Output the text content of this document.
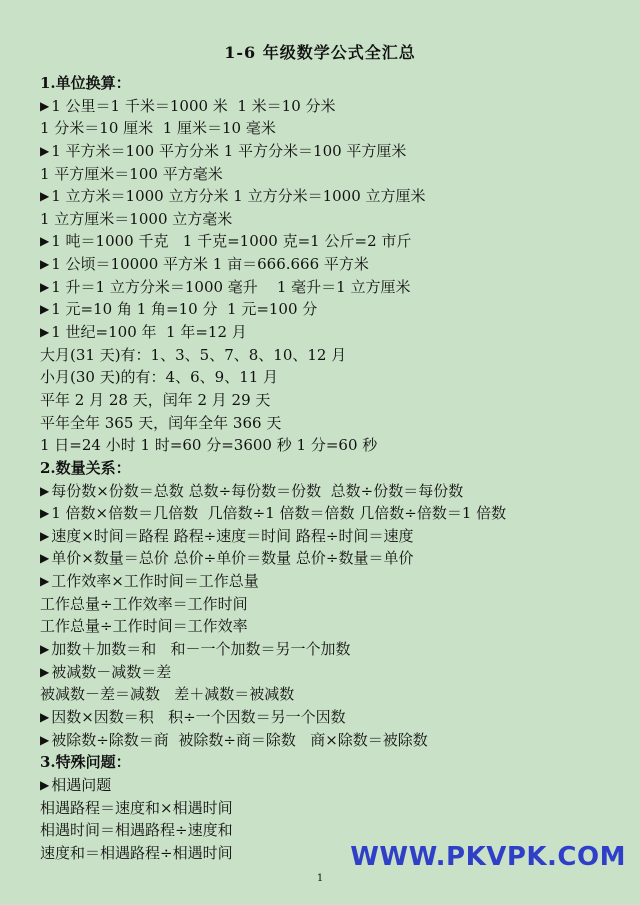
1-6 年级数学公式全汇总
1.单位换算：
▶ 1 公里＝1 千米＝1000 米  1 米＝10 分米
1 分米＝10 厘米  1 厘米＝10 毫米
▶ 1 平方米＝100 平方分米 1 平方分米＝100 平方厘米
1 平方厘米＝100 平方毫米
▶ 1 立方米＝1000 立方分米 1 立方分米＝1000 立方厘米
1 立方厘米＝1000 立方毫米
▶ 1 吨＝1000 千克   1 千克=1000 克=1 公斤=2 市斤
▶ 1 公顷＝10000 平方米 1 亩＝666.666 平方米
▶ 1 升＝1 立方分米＝1000 毫升    1 毫升＝1 立方厘米
▶ 1 元=10 角 1 角=10 分  1 元=100 分
▶ 1 世纪=100 年  1 年=12 月
大月(31 天)有：1、3、5、7、8、10、12 月
小月(30 天)的有：4、6、9、11 月
平年 2 月 28 天，闰年 2 月 29 天
平年全年 365 天，闰年全年 366 天
1 日=24 小时 1 时=60 分=3600 秒 1 分=60 秒
2.数量关系：
▶ 每份数×份数＝总数 总数÷每份数＝份数  总数÷份数＝每份数
▶ 1 倍数×倍数＝几倍数  几倍数÷1 倍数＝倍数 几倍数÷倍数＝1 倍数
▶ 速度×时间＝路程 路程÷速度＝时间 路程÷时间＝速度
▶ 单价×数量＝总价 总价÷单价＝数量 总价÷数量＝单价
▶ 工作效率×工作时间＝工作总量
工作总量÷工作效率＝工作时间
工作总量÷工作时间＝工作效率
▶ 加数＋加数＝和   和－一个加数＝另一个加数
▶ 被减数－减数＝差
被减数－差＝减数   差＋减数＝被减数
▶ 因数×因数＝积   积÷一个因数＝另一个因数
▶ 被除数÷除数＝商  被除数÷商＝除数   商×除数＝被除数
3.特殊问题：
▶ 相遇问题
相遇路程＝速度和×相遇时间
相遇时间＝相遇路程÷速度和
速度和＝相遇路程÷相遇时间	WWW.PKVPK.COM
1
